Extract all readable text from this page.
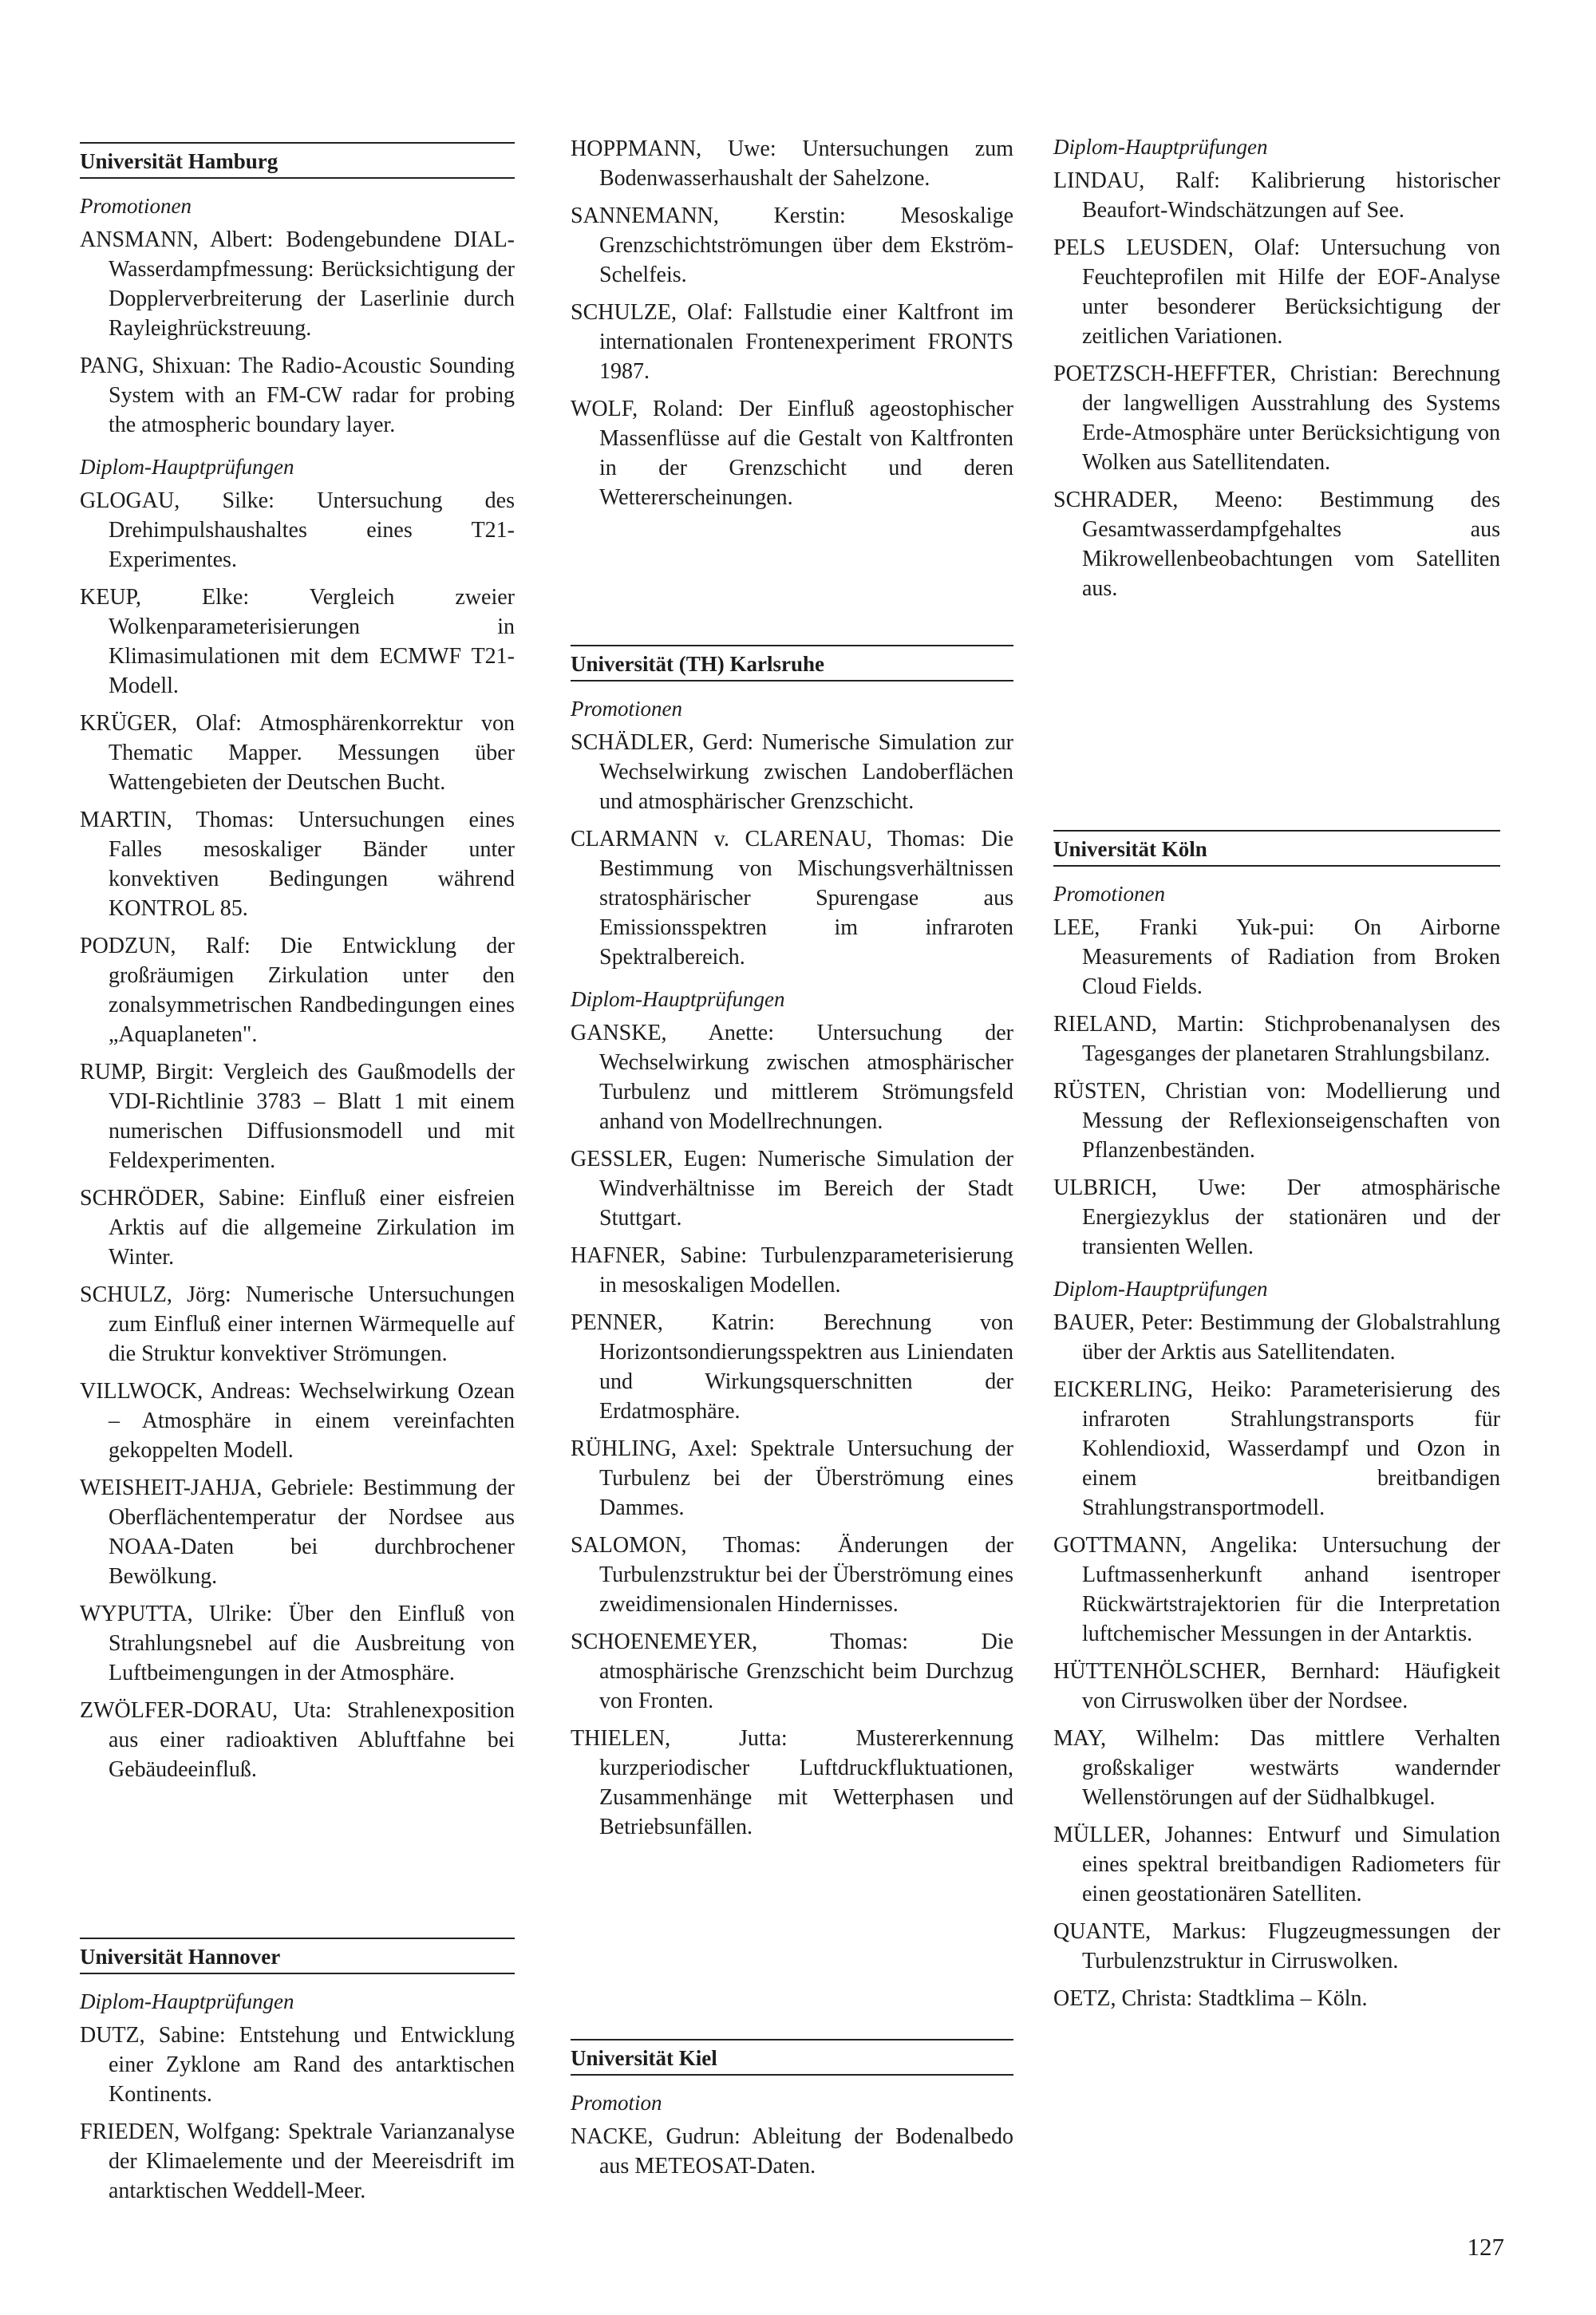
Universität Hamburg
Promotionen

ANSMANN, Albert: Bodengebundene DIAL-Wasserdampfmessung: Berücksichtigung der Dopplerverbreiterung der Laserlinie durch Rayleighrückstreuung.

PANG, Shixuan: The Radio-Acoustic Sounding System with an FM-CW radar for probing the atmospheric boundary layer.

Diplom-Hauptprüfungen

GLOGAU, Silke: Untersuchung des Drehimpulshaushaltes eines T21-Experimentes.

KEUP, Elke: Vergleich zweier Wolkenparameterisierungen in Klimasimulationen mit dem ECMWF T21-Modell.

KRÜGER, Olaf: Atmosphärenkorrektur von Thematic Mapper. Messungen über Wattengebieten der Deutschen Bucht.

MARTIN, Thomas: Untersuchungen eines Falles mesoskaliger Bänder unter konvektiven Bedingungen während KONTROL 85.

PODZUN, Ralf: Die Entwicklung der großräumigen Zirkulation unter den zonalsymmetrischen Randbedingungen eines „Aquaplaneten".

RUMP, Birgit: Vergleich des Gaußmodells der VDI-Richtlinie 3783 – Blatt 1 mit einem numerischen Diffusionsmodell und mit Feldexperimenten.

SCHRÖDER, Sabine: Einfluß einer eisfreien Arktis auf die allgemeine Zirkulation im Winter.

SCHULZ, Jörg: Numerische Untersuchungen zum Einfluß einer internen Wärmequelle auf die Struktur konvektiver Strömungen.

VILLWOCK, Andreas: Wechselwirkung Ozean – Atmosphäre in einem vereinfachten gekoppelten Modell.

WEISHEIT-JAHJA, Gebriele: Bestimmung der Oberflächentemperatur der Nordsee aus NOAA-Daten bei durchbrochener Bewölkung.

WYPUTTA, Ulrike: Über den Einfluß von Strahlungsnebel auf die Ausbreitung von Luftbeimengungen in der Atmosphäre.

ZWÖLFER-DORAU, Uta: Strahlenexposition aus einer radioaktiven Abluftfahne bei Gebäudeeinfluß.

Universität Hannover
Diplom-Hauptprüfungen

DUTZ, Sabine: Entstehung und Entwicklung einer Zyklone am Rand des antarktischen Kontinents.

FRIEDEN, Wolfgang: Spektrale Varianzanalyse der Klimaelemente und der Meereisdrift im antarktischen Weddell-Meer.

HOPPMANN, Uwe: Untersuchungen zum Bodenwasserhaushalt der Sahelzone.

SANNEMANN, Kerstin: Mesoskalige Grenzschichtströmungen über dem Ekström-Schelfeis.

SCHULZE, Olaf: Fallstudie einer Kaltfront im internationalen Frontenexperiment FRONTS 1987.

WOLF, Roland: Der Einfluß ageostophischer Massenflüsse auf die Gestalt von Kaltfronten in der Grenzschicht und deren Wettererscheinungen.

Universität (TH) Karlsruhe
Promotionen

SCHÄDLER, Gerd: Numerische Simulation zur Wechselwirkung zwischen Landoberflächen und atmosphärischer Grenzschicht.

CLARMANN v. CLARENAU, Thomas: Die Bestimmung von Mischungsverhältnissen stratosphärischer Spurengase aus Emissionsspektren im infraroten Spektralbereich.

Diplom-Hauptprüfungen

GANSKE, Anette: Untersuchung der Wechselwirkung zwischen atmosphärischer Turbulenz und mittlerem Strömungsfeld anhand von Modellrechnungen.

GESSLER, Eugen: Numerische Simulation der Windverhältnisse im Bereich der Stadt Stuttgart.

HAFNER, Sabine: Turbulenzparameterisierung in mesoskaligen Modellen.

PENNER, Katrin: Berechnung von Horizontsondierungsspektren aus Liniendaten und Wirkungsquerschnitten der Erdatmosphäre.

RÜHLING, Axel: Spektrale Untersuchung der Turbulenz bei der Überströmung eines Dammes.

SALOMON, Thomas: Änderungen der Turbulenzstruktur bei der Überströmung eines zweidimensionalen Hindernisses.

SCHOENEMEYER, Thomas: Die atmosphärische Grenzschicht beim Durchzug von Fronten.

THIELEN, Jutta: Mustererkennung kurzperiodischer Luftdruckfluktuationen, Zusammenhänge mit Wetterphasen und Betriebsunfällen.

Universität Kiel
Promotion

NACKE, Gudrun: Ableitung der Bodenalbedo aus METEOSAT-Daten.

Diplom-Hauptprüfungen

LINDAU, Ralf: Kalibrierung historischer Beaufort-Windschätzungen auf See.

PELS LEUSDEN, Olaf: Untersuchung von Feuchteprofilen mit Hilfe der EOF-Analyse unter besonderer Berücksichtigung der zeitlichen Variationen.

POETZSCH-HEFFTER, Christian: Berechnung der langwelligen Ausstrahlung des Systems Erde-Atmosphäre unter Berücksichtigung von Wolken aus Satellitendaten.

SCHRADER, Meeno: Bestimmung des Gesamtwasserdampfgehaltes aus Mikrowellenbeobachtungen vom Satelliten aus.

Universität Köln
Promotionen

LEE, Franki Yuk-pui: On Airborne Measurements of Radiation from Broken Cloud Fields.

RIELAND, Martin: Stichprobenanalysen des Tagesganges der planetaren Strahlungsbilanz.

RÜSTEN, Christian von: Modellierung und Messung der Reflexionseigenschaften von Pflanzenbeständen.

ULBRICH, Uwe: Der atmosphärische Energiezyklus der stationären und der transienten Wellen.

Diplom-Hauptprüfungen

BAUER, Peter: Bestimmung der Globalstrahlung über der Arktis aus Satellitendaten.

EICKERLING, Heiko: Parameterisierung des infraroten Strahlungstransports für Kohlendioxid, Wasserdampf und Ozon in einem breitbandigen Strahlungstransportmodell.

GOTTMANN, Angelika: Untersuchung der Luftmassenherkunft anhand isentroper Rückwärtstrajektorien für die Interpretation luftchemischer Messungen in der Antarktis.

HÜTTENHÖLSCHER, Bernhard: Häufigkeit von Cirruswolken über der Nordsee.

MAY, Wilhelm: Das mittlere Verhalten großskaliger westwärts wandernder Wellenstörungen auf der Südhalbkugel.

MÜLLER, Johannes: Entwurf und Simulation eines spektral breitbandigen Radiometers für einen geostationären Satelliten.

QUANTE, Markus: Flugzeugmessungen der Turbulenzstruktur in Cirruswolken.

OETZ, Christa: Stadtklima – Köln.

127
